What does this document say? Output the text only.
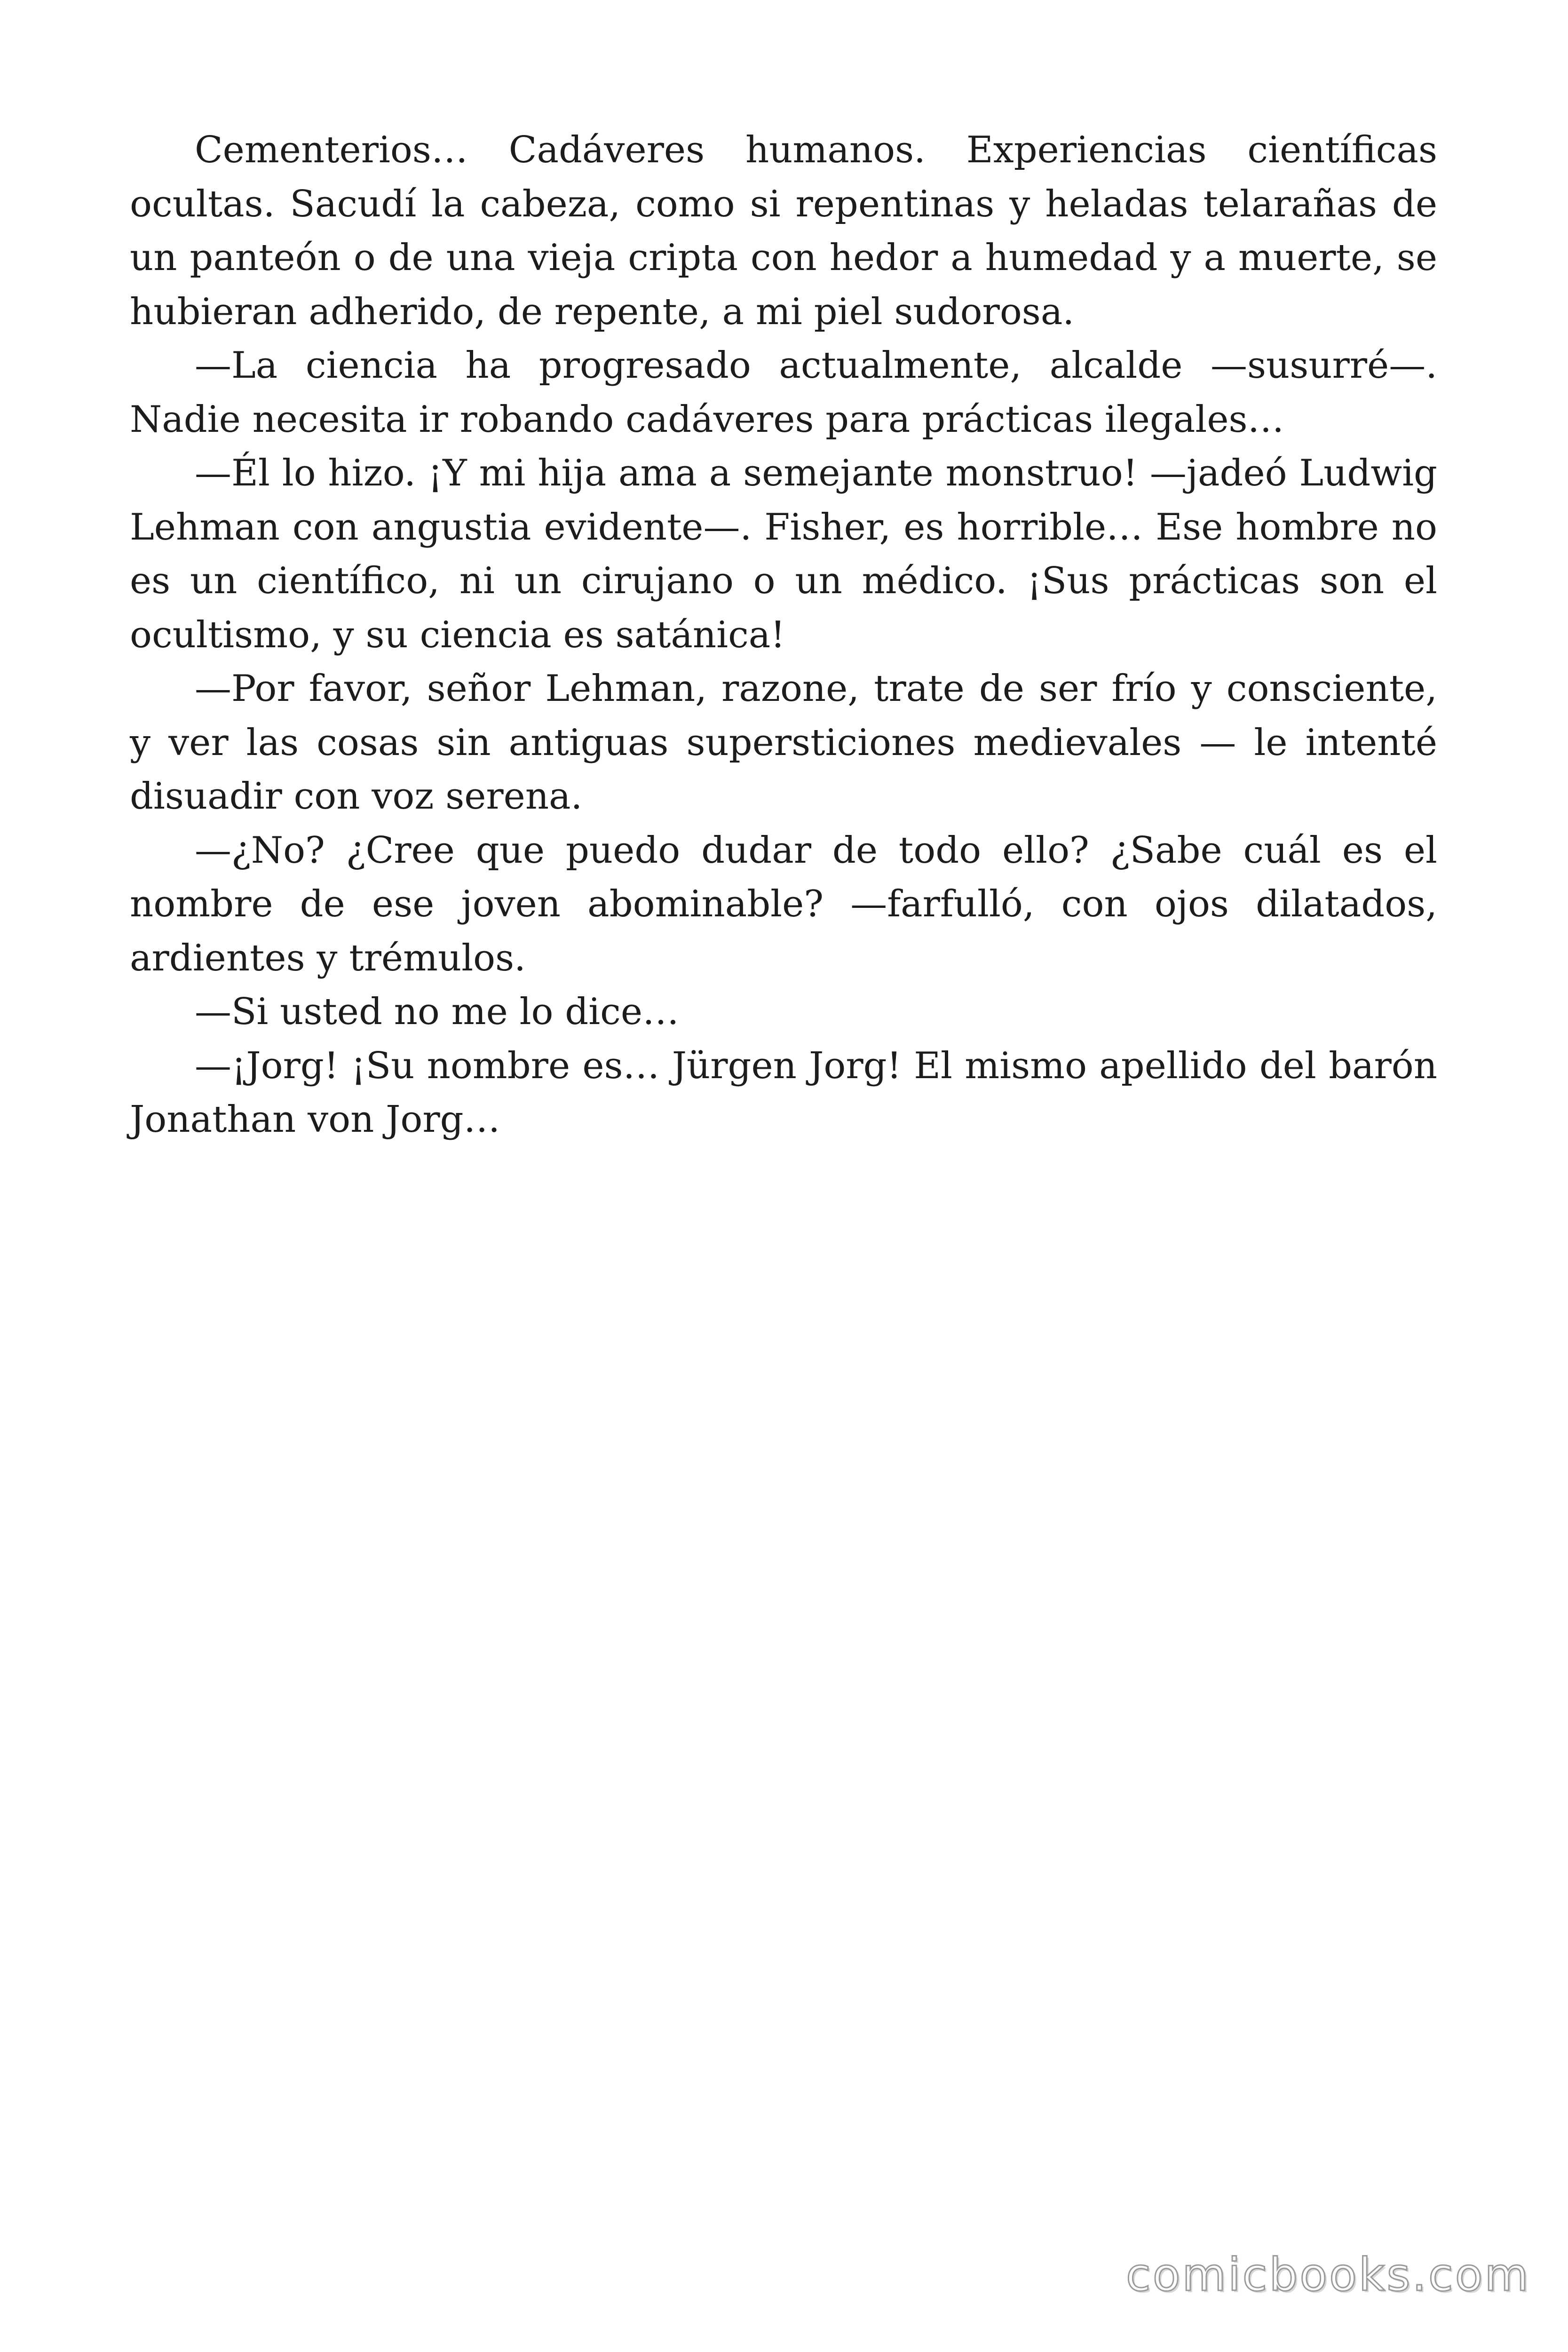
Cementerios… Cadáveres humanos. Experiencias científicas ocultas. Sacudí la cabeza, como si repentinas y heladas telarañas de un panteón o de una vieja cripta con hedor a humedad y a muerte, se hubieran adherido, de repente, a mi piel sudorosa.

—La ciencia ha progresado actualmente, alcalde —susurré—. Nadie necesita ir robando cadáveres para prácticas ilegales…

—Él lo hizo. ¡Y mi hija ama a semejante monstruo! —jadeó Ludwig Lehman con angustia evidente—. Fisher, es horrible… Ese hombre no es un científico, ni un cirujano o un médico. ¡Sus prácticas son el ocultismo, y su ciencia es satánica!

—Por favor, señor Lehman, razone, trate de ser frío y consciente, y ver las cosas sin antiguas supersticiones medievales — le intenté disuadir con voz serena.

—¿No? ¿Cree que puedo dudar de todo ello? ¿Sabe cuál es el nombre de ese joven abominable? —farfulló, con ojos dilatados, ardientes y trémulos.

—Si usted no me lo dice…

—¡Jorg! ¡Su nombre es… Jürgen Jorg! El mismo apellido del barón Jonathan von Jorg…

comicbooks.com
